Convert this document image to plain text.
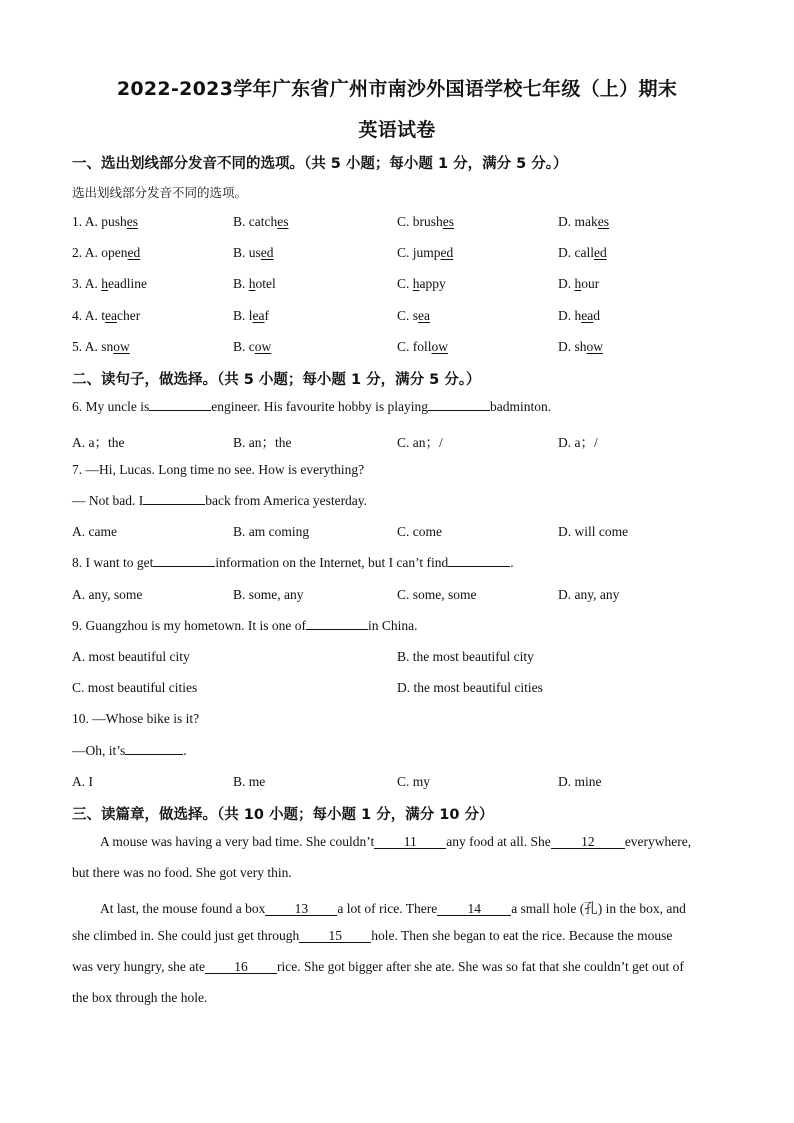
2022-2023学年广东省广州市南沙外国语学校七年级（上）期末
英语试卷
一、选出划线部分发音不同的选项。（共 5 小题；每小题 1 分，满分 5 分。）
选出划线部分发音不同的选项。
1. A. pushes	B. catches	C. brushes	D. makes
2. A. opened	B. used	C. jumped	D. called
3. A. headline	B. hotel	C. happy	D. hour
4. A. teacher	B. leaf	C. sea	D. head
5. A. snow	B. cow	C. follow	D. show
二、读句子，做选择。（共 5 小题；每小题 1 分，满分 5 分。）
6. My uncle is	engineer. His favourite hobby is playing	badminton.
A. a；the	B. an；the	C. an；/	D. a；/
7. —Hi, Lucas. Long time no see. How is everything?
— Not bad. I	back from America yesterday.
A. came	B. am coming	C. come	D. will come
8. I want to get	information on the Internet, but I can’t find	.
A. any, some	B. some, any	C. some, some	D. any, any
9. Guangzhou is my hometown. It is one of	in China.
A. most beautiful city	B. the most beautiful city
C. most beautiful cities	D. the most beautiful cities
10. —Whose bike is it?
—Oh, it’s	.
A. I	B. me	C. my	D. mine
三、读篇章，做选择。（共 10 小题；每小题 1 分，满分 10 分）
A mouse was having a very bad time. She couldn’t 11 any food at all. She 12 everywhere,
but there was no food. She got very thin.
At last, the mouse found a box 13 a lot of rice. There 14 a small hole (孔) in the box, and
she climbed in. She could just get through 15 hole. Then she began to eat the rice. Because the mouse
was very hungry, she ate 16 rice. She got bigger after she ate. She was so fat that she couldn’t get out of
the box through the hole.
